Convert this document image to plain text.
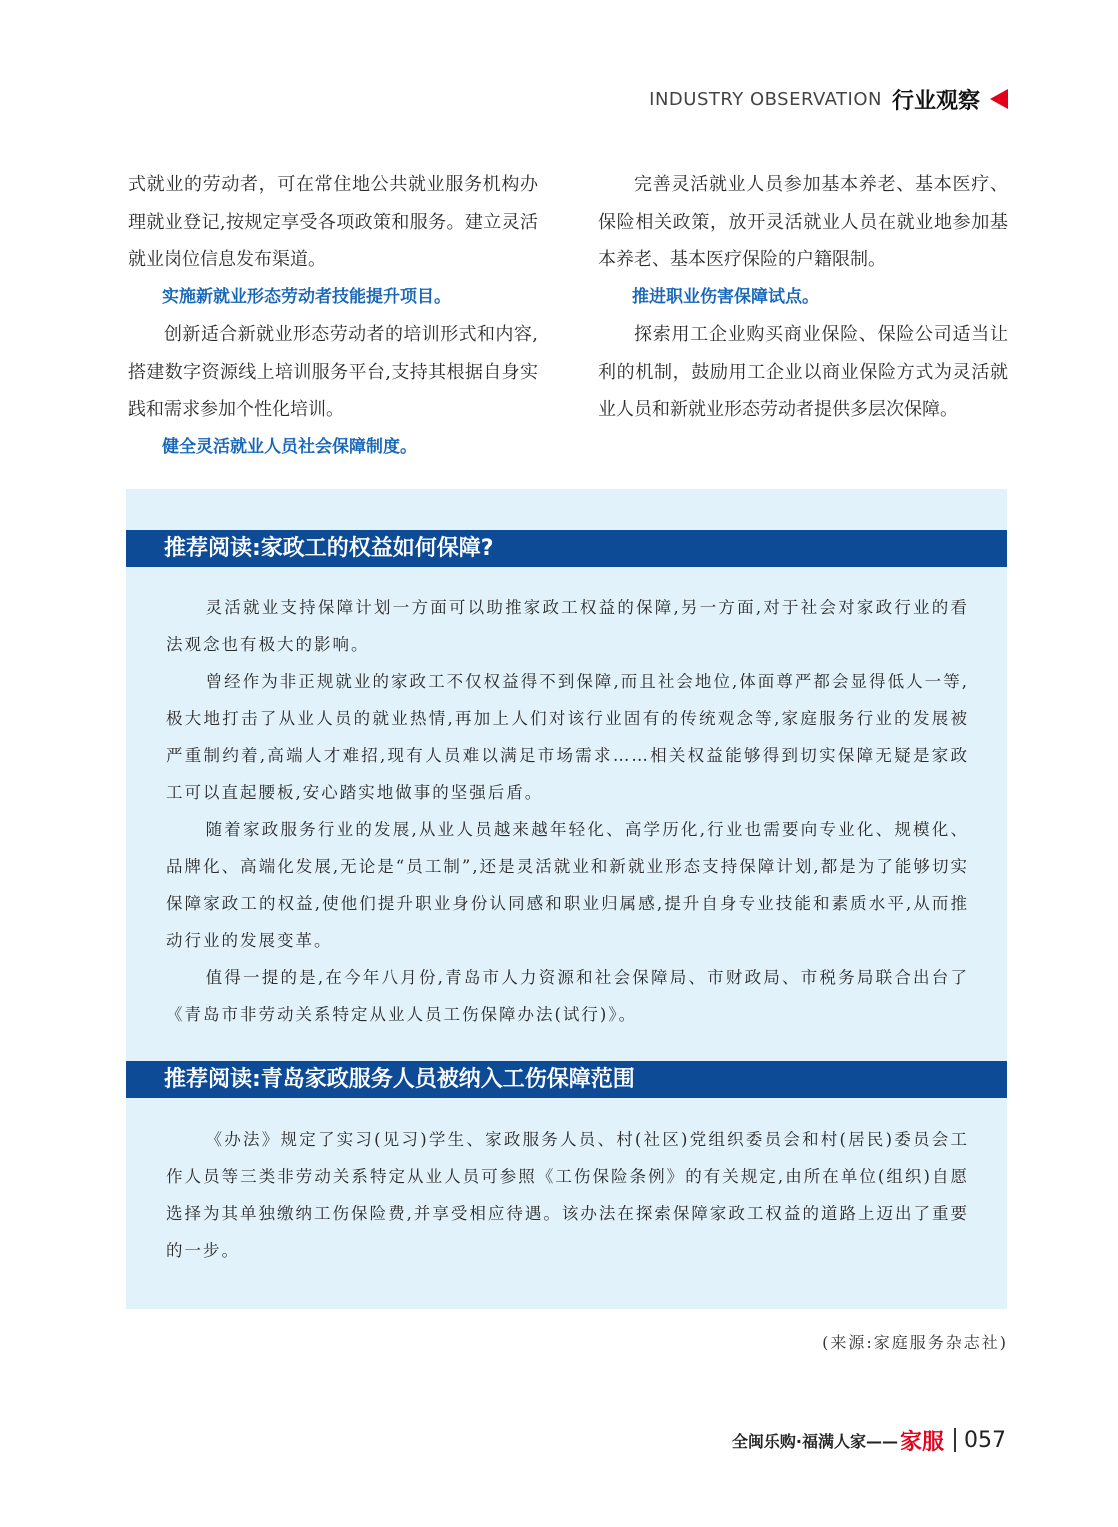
INDUSTRY OBSERVATION 行业观察

式就业的劳动者，可在常住地公共就业服务机构办理就业登记,按规定享受各项政策和服务。建立灵活就业岗位信息发布渠道。

实施新就业形态劳动者技能提升项目。

创新适合新就业形态劳动者的培训形式和内容,搭建数字资源线上培训服务平台,支持其根据自身实践和需求参加个性化培训。

健全灵活就业人员社会保障制度。

完善灵活就业人员参加基本养老、基本医疗、保险相关政策，放开灵活就业人员在就业地参加基本养老、基本医疗保险的户籍限制。

推进职业伤害保障试点。

探索用工企业购买商业保险、保险公司适当让利的机制，鼓励用工企业以商业保险方式为灵活就业人员和新就业形态劳动者提供多层次保障。

推荐阅读:家政工的权益如何保障?

灵活就业支持保障计划一方面可以助推家政工权益的保障,另一方面,对于社会对家政行业的看法观念也有极大的影响。

曾经作为非正规就业的家政工不仅权益得不到保障,而且社会地位,体面尊严都会显得低人一等,极大地打击了从业人员的就业热情,再加上人们对该行业固有的传统观念等,家庭服务行业的发展被严重制约着,高端人才难招,现有人员难以满足市场需求……相关权益能够得到切实保障无疑是家政工可以直起腰板,安心踏实地做事的坚强后盾。

随着家政服务行业的发展,从业人员越来越年轻化、高学历化,行业也需要向专业化、规模化、品牌化、高端化发展,无论是“员工制”,还是灵活就业和新就业形态支持保障计划,都是为了能够切实保障家政工的权益,使他们提升职业身份认同感和职业归属感,提升自身专业技能和素质水平,从而推动行业的发展变革。

值得一提的是,在今年八月份,青岛市人力资源和社会保障局、市财政局、市税务局联合出台了《青岛市非劳动关系特定从业人员工伤保障办法(试行)》。

推荐阅读:青岛家政服务人员被纳入工伤保障范围

《办法》规定了实习(见习)学生、家政服务人员、村(社区)党组织委员会和村(居民)委员会工作人员等三类非劳动关系特定从业人员可参照《工伤保险条例》的有关规定,由所在单位(组织)自愿选择为其单独缴纳工伤保险费,并享受相应待遇。该办法在探索保障家政工权益的道路上迈出了重要的一步。

(来源:家庭服务杂志社)
全闽乐购·福满人家—— 家服 057
